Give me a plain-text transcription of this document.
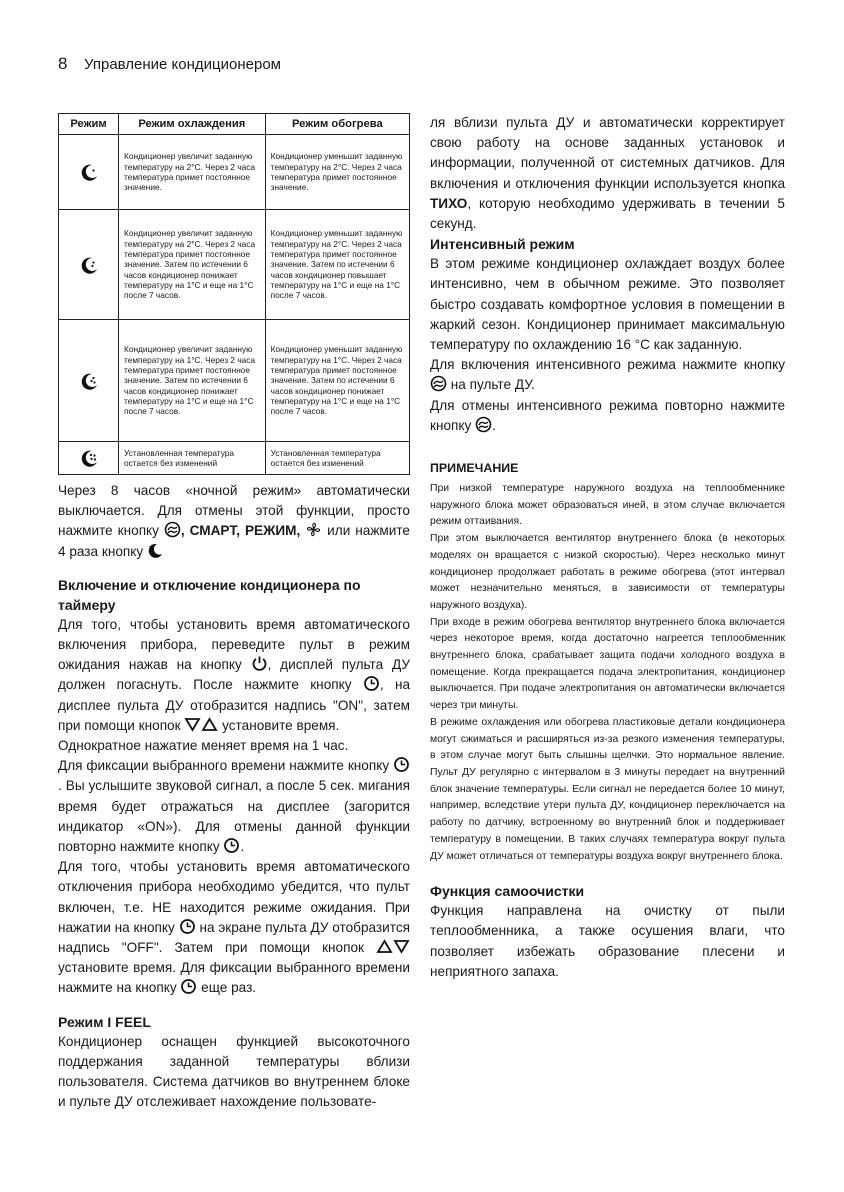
8 Управление кондиционером
Режим	Режим охлаждения	Режим обогрева

	Кондиционер увеличит заданную температуру на 2°С. Через 2 часа температура примет постоянное значение.	Кондиционер уменьшит заданную температуру на 2°С. Через 2 часа температура примет постоянное значение.

	Кондиционер увеличит заданную температуру на 2°С. Через 2 часа температура примет постоянное значение. Затем по истечении 6 часов кондиционер понижает температуру на 1°С и еще на 1°С после 7 часов.	Кондиционер уменьшит заданную температуру на 2°С. Через 2 часа температура примет постоянное значение. Затем по истечении 6 часов кондиционер повышает температуру на 1°С и еще на 1°С после 7 часов.

	Кондиционер увеличит заданную температуру на 1°С. Через 2 часа температура примет постоянное значение. Затем по истечении 6 часов кондиционер понижает температуру на 1°С и еще на 1°С после 7 часов.	Кондиционер уменьшит заданную температуру на 1°С. Через 2 часа температура примет постоянное значение. Затем по истечении 6 часов кондиционер понижает температуру на 1°С и еще на 1°С после 7 часов.

	Установленная температура остается без изменений	Установленная температура остается без изменений

Через 8 часов «ночной режим» автоматически выключается. Для отмены этой функции, просто нажмите кнопку
, СМАРТ, РЕЖИМ,
или нажмите 4 раза кнопку

Включение и отключение кондиционера по таймеру

Для того, чтобы установить время автоматического включения прибора, переведите пульт в режим ожидания нажав на кнопку
, дисплей пульта ДУ должен погаснуть. После нажмите кнопку
, на дисплее пульта ДУ отобразится надпись "ON", затем при помощи кнопок	установите время.

Однократное нажатие меняет время на 1 час.

Для фиксации выбранного времени нажмите кнопку
. Вы услышите звуковой сигнал, а после 5 сек. мигания время будет отражаться на дисплее (загорится индикатор «ON»). Для отмены данной функции повторно нажмите кнопку
.

Для того, чтобы установить время автоматического отключения прибора необходимо убедится, что пульт включен, т.е. НЕ находится режиме ожидания. При нажатии на кнопку
на экране пульта ДУ отобразится надпись "OFF". Затем при помощи кнопок
установите время. Для фиксации выбранного времени нажмите на кнопку
еще раз.

Режим I FEEL

Кондиционер оснащен функцией высокоточного поддержания заданной температуры вблизи пользователя. Система датчиков во внутреннем блоке и пульте ДУ отслеживает нахождение пользовате-

ля вблизи пульта ДУ и автоматически корректирует свою работу на основе заданных установок и информации, полученной от системных датчиков. Для включения и отключения функции используется кнопка ТИХО, которую необходимо удерживать в течении 5 секунд.

Интенсивный режим

В этом режиме кондиционер охлаждает воздух более интенсивно, чем в обычном режиме. Это позволяет быстро создавать комфортное условия в помещении в жаркий сезон. Кондиционер принимает максимальную температуру по охлаждению 16 °C как заданную.

Для включения интенсивного режима нажмите кнопку
на пульте ДУ.

Для отмены интенсивного режима повторно нажмите кнопку
.

ПРИМЕЧАНИЕ

При низкой температуре наружного воздуха на теплообменнике наружного блока может образоваться иней, в этом случае включается режим оттаивания.

При этом выключается вентилятор внутреннего блока (в некоторых моделях он вращается с низкой скоростью). Через несколько минут кондиционер продолжает работать в режиме обогрева (этот интервал может незначительно меняться, в зависимости от температуры наружного воздуха).

При входе в режим обогрева вентилятор внутреннего блока включается через некоторое время, когда достаточно нагреется теплообменник внутреннего блока, срабатывает защита подачи холодного воздуха в помещение. Когда прекращается подача электропитания, кондиционер выключается. При подаче электропитания он автоматически включается через три минуты.

В режиме охлаждения или обогрева пластиковые детали кондиционера могут сжиматься и расширяться из-за резкого изменения температуры, в этом случае могут быть слышны щелчки. Это нормальное явление. Пульт ДУ регулярно с интервалом в 3 минуты передает на внутренний блок значение температуры. Если сигнал не передается более 10 минут, например, вследствие утери пульта ДУ, кондиционер переключается на работу по датчику, встроенному во внутренний блок и поддерживает температуру в помещении. В таких случаях температура вокруг пульта ДУ может отличаться от температуры воздуха вокруг внутреннего блока.

Функция самоочистки

Функция направлена на очистку от пыли теплообменника, а также осушения влаги, что позволяет избежать образование плесени и неприятного запаха.
